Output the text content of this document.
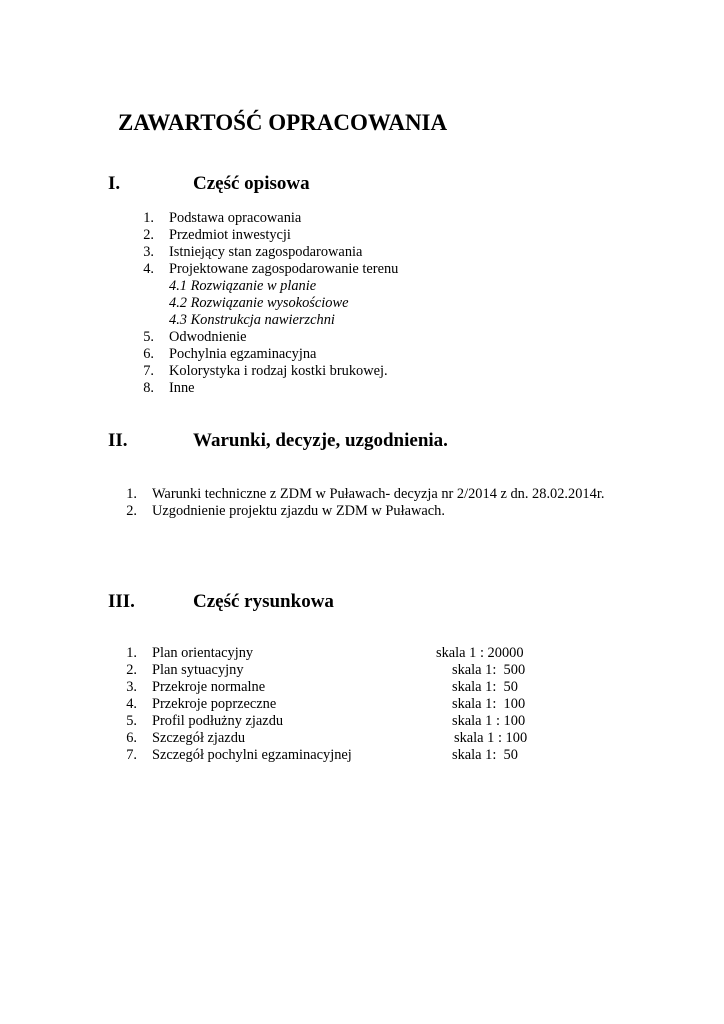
ZAWARTOŚĆ OPRACOWANIA
I.	Część opisowa
1. Podstawa opracowania
2. Przedmiot inwestycji
3. Istniejący stan zagospodarowania
4. Projektowane zagospodarowanie terenu
4.1 Rozwiązanie w planie
4.2 Rozwiązanie wysokościowe
4.3 Konstrukcja nawierzchni
5. Odwodnienie
6. Pochylnia egzaminacyjna
7. Kolorystyka i rodzaj kostki brukowej.
8. Inne
II.	Warunki, decyzje, uzgodnienia.
1. Warunki techniczne z ZDM w Puławach- decyzja nr 2/2014 z dn. 28.02.2014r.
2. Uzgodnienie projektu zjazdu w ZDM w Puławach.
III.	Część rysunkowa
1. Plan orientacyjny	skala 1 : 20000
2. Plan sytuacyjny	skala 1:  500
3. Przekroje normalne	skala 1:  50
4. Przekroje poprzeczne	skala 1:  100
5. Profil podłużny zjazdu	skala 1 : 100
6. Szczegół zjazdu	skala 1 : 100
7. Szczegół pochylni egzaminacyjnej	skala 1:  50
